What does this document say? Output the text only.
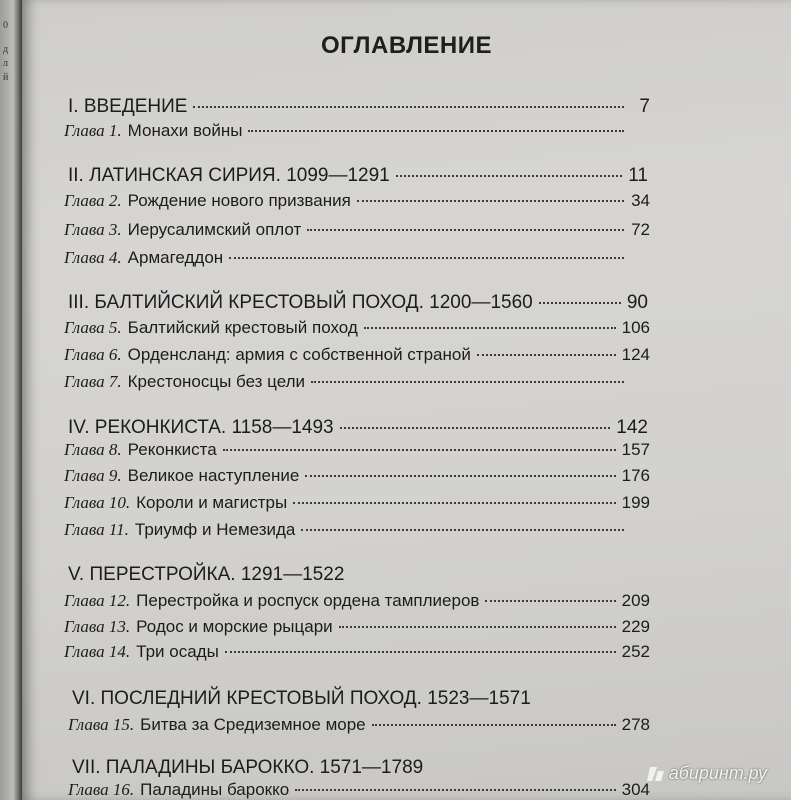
0
д
л
й
ОГЛАВЛЕНИЕ
I. ВВЕДЕНИЕ	7
Глава 1. Монахи войны
II. ЛАТИНСКАЯ СИРИЯ. 1099—1291	11
Глава 2. Рождение нового призвания	34
Глава 3. Иерусалимский оплот	72
Глава 4. Армагеддон
III. БАЛТИЙСКИЙ КРЕСТОВЫЙ ПОХОД. 1200—1560	90
Глава 5. Балтийский крестовый поход	106
Глава 6. Орденсланд: армия с собственной страной	124
Глава 7. Крестоносцы без цели
IV. РЕКОНКИСТА. 1158—1493	142
Глава 8. Реконкиста	157
Глава 9. Великое наступление	176
Глава 10. Короли и магистры	199
Глава 11. Триумф и Немезида
V. ПЕРЕСТРОЙКА. 1291—1522
Глава 12. Перестройка и роспуск ордена тамплиеров	209
Глава 13. Родос и морские рыцари	229
Глава 14. Три осады	252
VI. ПОСЛЕДНИЙ КРЕСТОВЫЙ ПОХОД. 1523—1571
Глава 15. Битва за Средиземное море	278
VII. ПАЛАДИНЫ БАРОККО. 1571—1789
Глава 16. Паладины барокко	304
абиринт.ру
